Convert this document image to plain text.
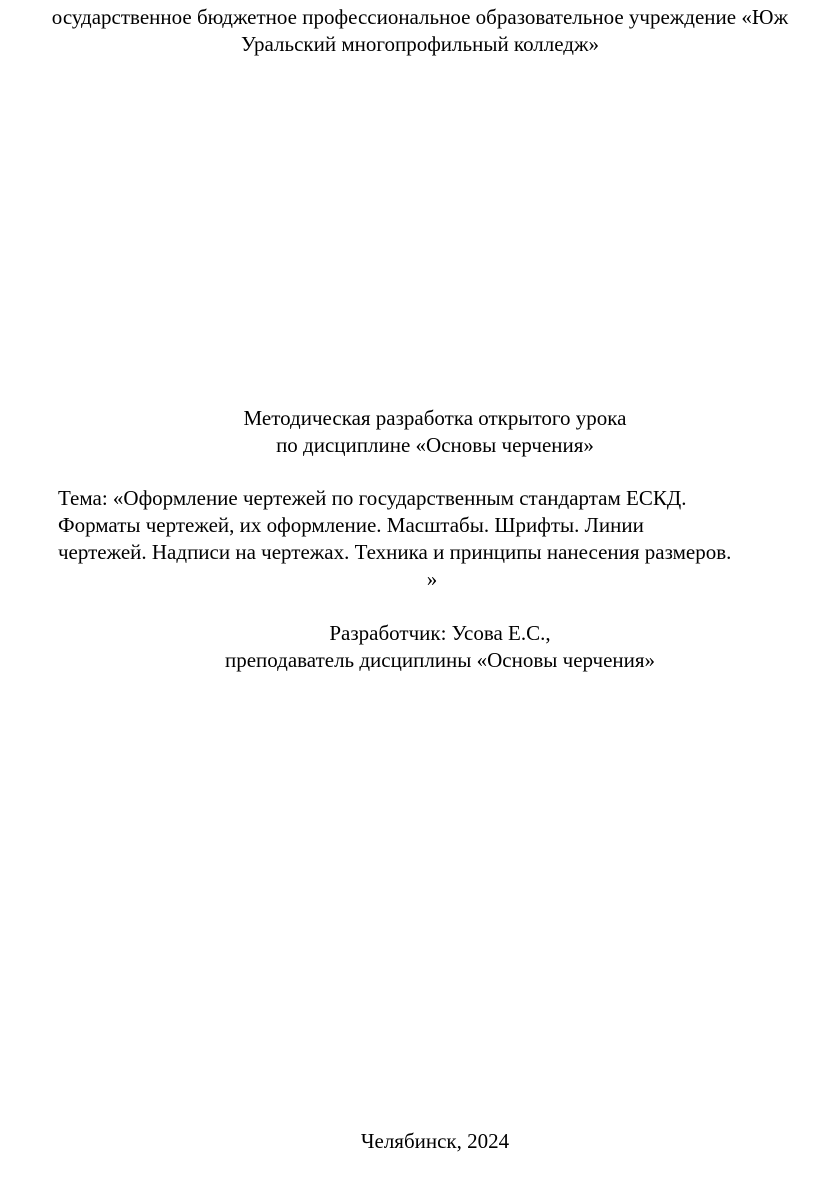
осударственное бюджетное профессиональное образовательное учреждение «Юж
Уральский многопрофильный колледж»
Методическая разработка открытого урока
по дисциплине «Основы черчения»
Тема: «Оформление чертежей по государственным стандартам ЕСКД.
Форматы чертежей, их оформление. Масштабы. Шрифты. Линии
чертежей. Надписи на чертежах. Техника и принципы нанесения размеров.
»
Разработчик: Усова Е.С.,
преподаватель дисциплины «Основы черчения»
Челябинск, 2024
